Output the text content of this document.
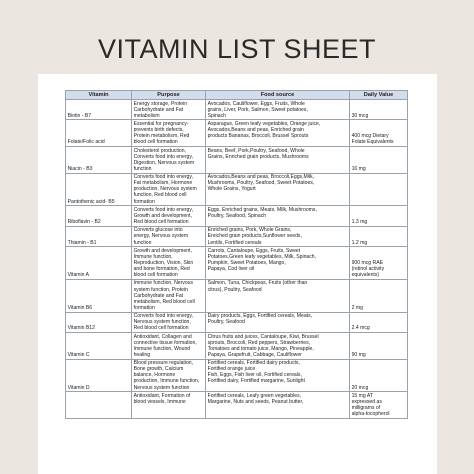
VITAMIN LIST SHEET
Vitamin	Purpose	Food source	Daily Value

Biotin - B7	Energy storage, Protein
Carbohydrate and Fat
metabolism	Avocados, Cauliflower, Eggs, Fruits, Whole
grains, Liver, Pork, Salmon, Sweet potatoes,
Spinach	30 mcg

Folate/Folic acid	Essential for pregnancy-
prevents birth defects,
Protein metabolism, Red
blood cell formation	Asparagus, Green leafy vegetables, Orange juice,
Avocados,Beans and peas, Enriched grain
products Bananas, Broccoli, Brussel Sprouts	400 mcg Dietary
Folate Equivalents

Niacin - B3	Cholesterol production,
Converts food into energy,
Digestion, Nervous system
function	Beans, Beef, Pork,Poultry, Seafood, Whole
Grains, Enriched grain products, Mushrooms	16 mg

Pantothenic acid- B5	Converts food into energy,
Fat metabolism, Hormone
production, Nervous system
function, Red blood cell formation	Avocados,Beans and peas, Broccoli,Eggs,Milk,
Mushrooms, Poultry, Seafood, Sweet Potatoes,
Whole Grains, Yogurt	

Riboflavin - B2	Converts food into energy,
Growth and development,
Red blood cell formation	Eggs, Enriched grains, Meats, Milk, Mushrooms,
Poultry, Seafood, Spinach	1.3 mg

Thiamin - B1	Converts glucose into
energy, Nervous system
function	Enriched grains, Pork, Whole Grains,
Enriched grain products,Sunflower seeds,
Lentils, Fortified cereals	1.2 mg

Vitamin A	Growth and development,
Immune function,
Reproduction, Vision, Skin
and bone formation, Red
blood cell formation	Carrots, Cantaloupe, Eggs, Fruits, Sweet
Potatoes,Green leafy vegetables, Milk, Spinach,
Pumpkin, Sweet Potatoes, Mango,
Papaya, Cod liver oil	900 mcg RAE
(retinol activity
equivalents)

Vitamin B6	Immune function, Nervous
system function, Protein
Carbohydrate and Fat
metabolism, Red blood cell
formation	Salmon, Tuna, Chickpeas, Fruits (other than
citrus), Poultry, Seafood	2 mg

Vitamin B12	Converts food into energy,
Nervous system function,
Red blood cell formation	Dairy products, Eggs, Fortified cereals, Meats,
Poultry, Seafood	2.4 mcg

Vitamin C	Antioxidant, Collagen and
connective tissue formation,
Immune function, Wound
healing	Citrus fruits and juices, Cantaloupe, Kiwi, Brussel
sprouts, Broccoli, Red peppers, Strawberries,
Tomatoes and tomato juice, Mango, Pineapple,
Papaya, Grapefruit, Cabbage, Cauliflower	90 mg

Vitamin D	Blood pressure regulation,
Bone growth, Calcium
balance, Hormone
production, Immune function,
Nervous system function	Fortified cereals, Fortified dairy products,
Fortified orange juice
Fish, Eggs, Fish liver oil, Fortified cereals,
Fortified dairy, Fortified margarine, Sunlight	20 mcg

	Antioxidant, Formation of
blood vessels, Immune	Fortified cereals, Leafy green vegetables,
Margarine, Nuts and seeds, Peanut butter,	15 mg AT
expressed as
milligrams of
alpha-tocopherol
